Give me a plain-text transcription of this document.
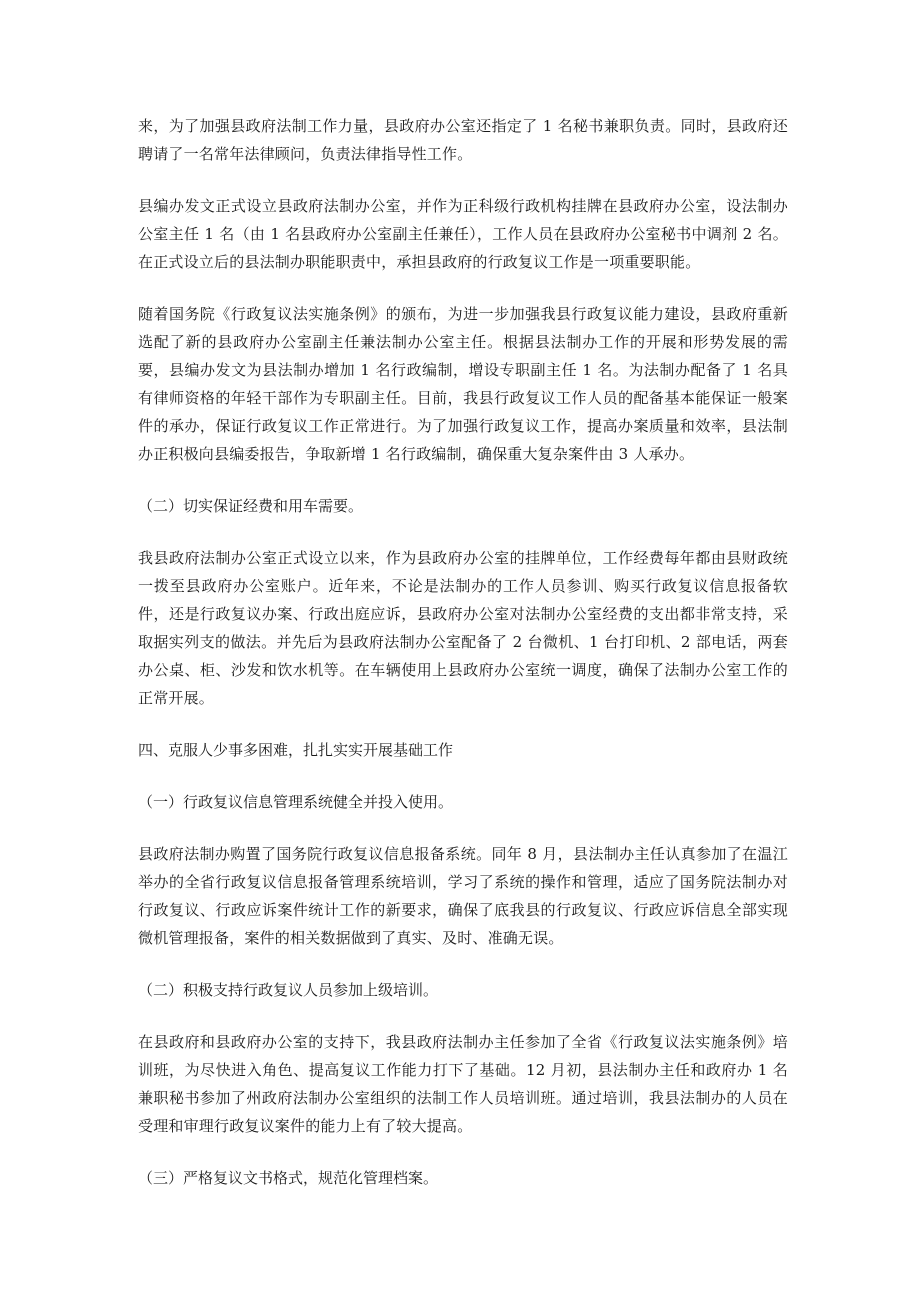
来，为了加强县政府法制工作力量，县政府办公室还指定了 1 名秘书兼职负责。同时，县政府还聘请了一名常年法律顾问，负责法律指导性工作。

县编办发文正式设立县政府法制办公室，并作为正科级行政机构挂牌在县政府办公室，设法制办公室主任 1 名（由 1 名县政府办公室副主任兼任），工作人员在县政府办公室秘书中调剂 2 名。在正式设立后的县法制办职能职责中，承担县政府的行政复议工作是一项重要职能。

随着国务院《行政复议法实施条例》的颁布，为进一步加强我县行政复议能力建设，县政府重新选配了新的县政府办公室副主任兼法制办公室主任。根据县法制办工作的开展和形势发展的需要，县编办发文为县法制办增加 1 名行政编制，增设专职副主任 1 名。为法制办配备了 1 名具有律师资格的年轻干部作为专职副主任。目前，我县行政复议工作人员的配备基本能保证一般案件的承办，保证行政复议工作正常进行。为了加强行政复议工作，提高办案质量和效率，县法制办正积极向县编委报告，争取新增 1 名行政编制，确保重大复杂案件由 3 人承办。

（二）切实保证经费和用车需要。

我县政府法制办公室正式设立以来，作为县政府办公室的挂牌单位，工作经费每年都由县财政统一拨至县政府办公室账户。近年来，不论是法制办的工作人员参训、购买行政复议信息报备软件，还是行政复议办案、行政出庭应诉，县政府办公室对法制办公室经费的支出都非常支持，采取据实列支的做法。并先后为县政府法制办公室配备了 2 台微机、1 台打印机、2 部电话，两套办公桌、柜、沙发和饮水机等。在车辆使用上县政府办公室统一调度，确保了法制办公室工作的正常开展。

四、克服人少事多困难，扎扎实实开展基础工作

（一）行政复议信息管理系统健全并投入使用。

县政府法制办购置了国务院行政复议信息报备系统。同年 8 月，县法制办主任认真参加了在温江举办的全省行政复议信息报备管理系统培训，学习了系统的操作和管理，适应了国务院法制办对行政复议、行政应诉案件统计工作的新要求，确保了底我县的行政复议、行政应诉信息全部实现微机管理报备，案件的相关数据做到了真实、及时、准确无误。

（二）积极支持行政复议人员参加上级培训。

在县政府和县政府办公室的支持下，我县政府法制办主任参加了全省《行政复议法实施条例》培训班，为尽快进入角色、提高复议工作能力打下了基础。12 月初，县法制办主任和政府办 1 名兼职秘书参加了州政府法制办公室组织的法制工作人员培训班。通过培训，我县法制办的人员在受理和审理行政复议案件的能力上有了较大提高。

（三）严格复议文书格式，规范化管理档案。
